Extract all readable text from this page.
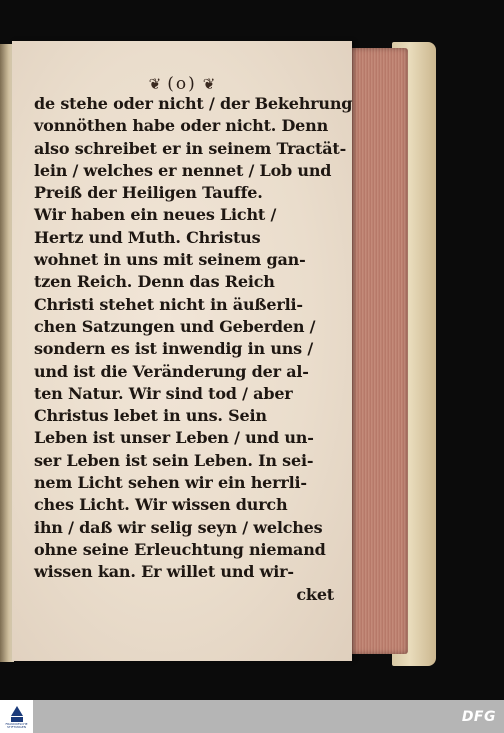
❦ (o) ❦
de stehe oder nicht / der Bekehrung
vonnöthen habe oder nicht. Denn
also schreibet er in seinem Tractät-
lein / welches er nennet / Lob und
Preiß der Heiligen Tauffe.
Wir haben ein neues Licht /
Hertz und Muth. Christus
wohnet in uns mit seinem gan-
tzen Reich. Denn das Reich
Christi stehet nicht in äußerli-
chen Satzungen und Geberden /
sondern es ist inwendig in uns /
und ist die Veränderung der al-
ten Natur. Wir sind tod / aber
Christus lebet in uns. Sein
Leben ist unser Leben / und un-
ser Leben ist sein Leben. In sei-
nem Licht sehen wir ein herrli-
ches Licht. Wir wissen durch
ihn / daß wir selig seyn / welches
ohne seine Erleuchtung niemand
wissen kan. Er willet und wir-
cket
FRANCKESCHE STIFTUNGEN
DFG
